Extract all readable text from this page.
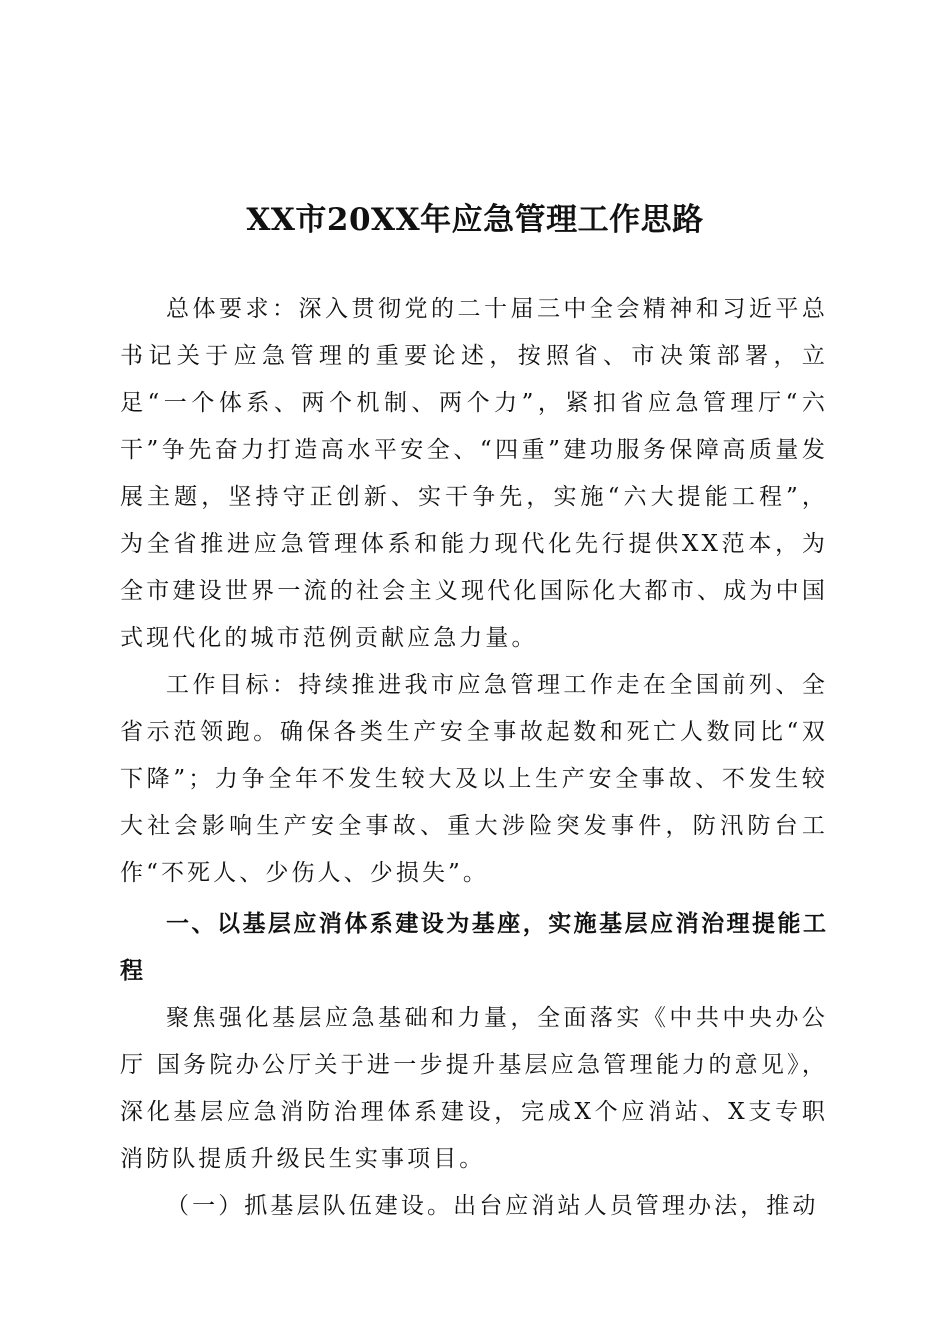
XX市20XX年应急管理工作思路

总体要求：深入贯彻党的二十届三中全会精神和习近平总书记关于应急管理的重要论述，按照省、市决策部署，立足“一个体系、两个机制、两个力”，紧扣省应急管理厅“六干”争先奋力打造高水平安全、“四重”建功服务保障高质量发展主题，坚持守正创新、实干争先，实施“六大提能工程”，为全省推进应急管理体系和能力现代化先行提供XX范本，为全市建设世界一流的社会主义现代化国际化大都市、成为中国式现代化的城市范例贡献应急力量。

工作目标：持续推进我市应急管理工作走在全国前列、全省示范领跑。确保各类生产安全事故起数和死亡人数同比“双下降”；力争全年不发生较大及以上生产安全事故、不发生较大社会影响生产安全事故、重大涉险突发事件，防汛防台工作“不死人、少伤人、少损失”。

一、以基层应消体系建设为基座，实施基层应消治理提能工程

聚焦强化基层应急基础和力量，全面落实《中共中央办公厅 国务院办公厅关于进一步提升基层应急管理能力的意见》，深化基层应急消防治理体系建设，完成X个应消站、X支专职消防队提质升级民生实事项目。

（一）抓基层队伍建设。出台应消站人员管理办法，推动
